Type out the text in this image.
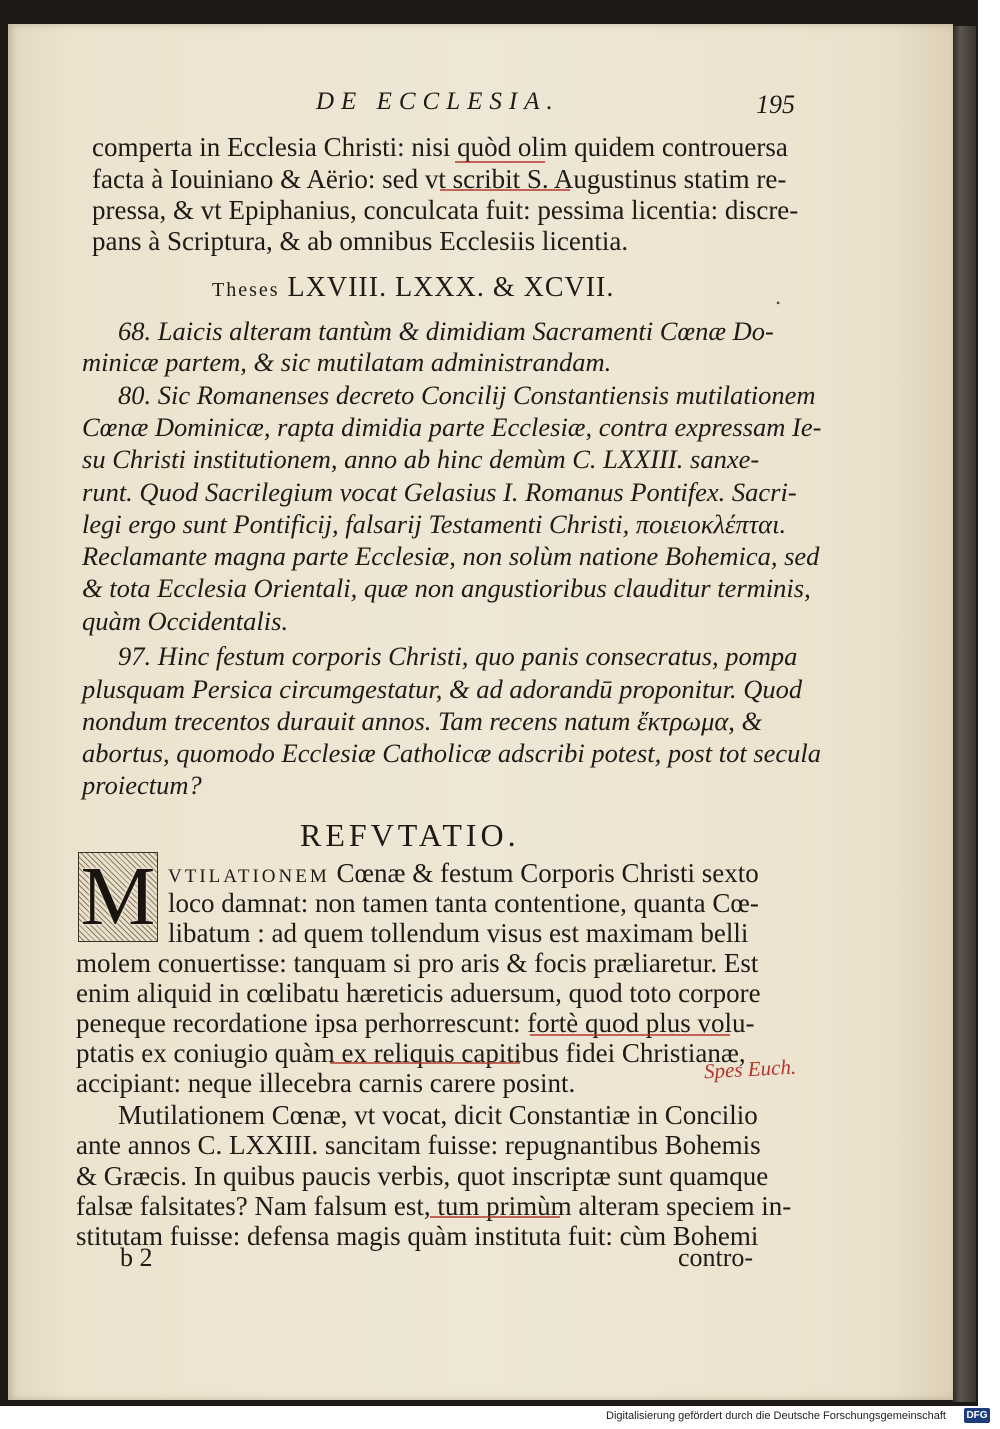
DE ECCLESIA.	195
comperta in Ecclesia Christi: nisi quòd olim quidem controuersa
facta à Iouiniano & Aërio: sed vt scribit S. Augustinus statim re-
pressa, & vt Epiphanius, conculcata fuit: pessima licentia: discre-
pans à Scriptura, & ab omnibus Ecclesiis licentia.
Theses LXVIII. LXXX. & XCVII.	•
68. Laicis alteram tantùm & dimidiam Sacramenti Cœnæ Do-
minicæ partem, & sic mutilatam administrandam.
80. Sic Romanenses decreto Concilij Constantiensis mutilationem
Cœnæ Dominicæ, rapta dimidia parte Ecclesiæ, contra expressam Ie-
su Christi institutionem, anno ab hinc demùm C. LXXIII. sanxe-
runt. Quod Sacrilegium vocat Gelasius I. Romanus Pontifex. Sacri-
legi ergo sunt Pontificij, falsarij Testamenti Christi, ποιειοκλέπται.
Reclamante magna parte Ecclesiæ, non solùm natione Bohemica, sed
& tota Ecclesia Orientali, quæ non angustioribus clauditur terminis,
quàm Occidentalis.
97. Hinc festum corporis Christi, quo panis consecratus, pompa
plusquam Persica circumgestatur, & ad adorandū proponitur. Quod
nondum trecentos durauit annos. Tam recens natum ἔκτρωμα, &
abortus, quomodo Ecclesiæ Catholicæ adscribi potest, post tot secula
proiectum?
REFVTATIO.
M VTILATIONEM Cœnæ & festum Corporis Christi sexto
loco damnat: non tamen tanta contentione, quanta Cœ-
libatum : ad quem tollendum visus est maximam belli
molem conuertisse: tanquam si pro aris & focis præliaretur. Est
enim aliquid in cœlibatu hæreticis aduersum, quod toto corpore
peneque recordatione ipsa perhorrescunt: fortè quod plus volu-
ptatis ex coniugio quàm ex reliquis capitibus fidei Christianæ,
accipiant: neque illecebra carnis carere posint.
Mutilationem Cœnæ, vt vocat, dicit Constantiæ in Concilio
ante annos C. LXXIII. sancitam fuisse: repugnantibus Bohemis
& Græcis. In quibus paucis verbis, quot inscriptæ sunt quamque
falsæ falsitates? Nam falsum est, tum primùm alteram speciem in-
stitutam fuisse: defensa magis quàm instituta fuit: cùm Bohemi
Spes Euch.
b 2	contro-
Digitalisierung gefördert durch die Deutsche Forschungsgemeinschaft DFG
